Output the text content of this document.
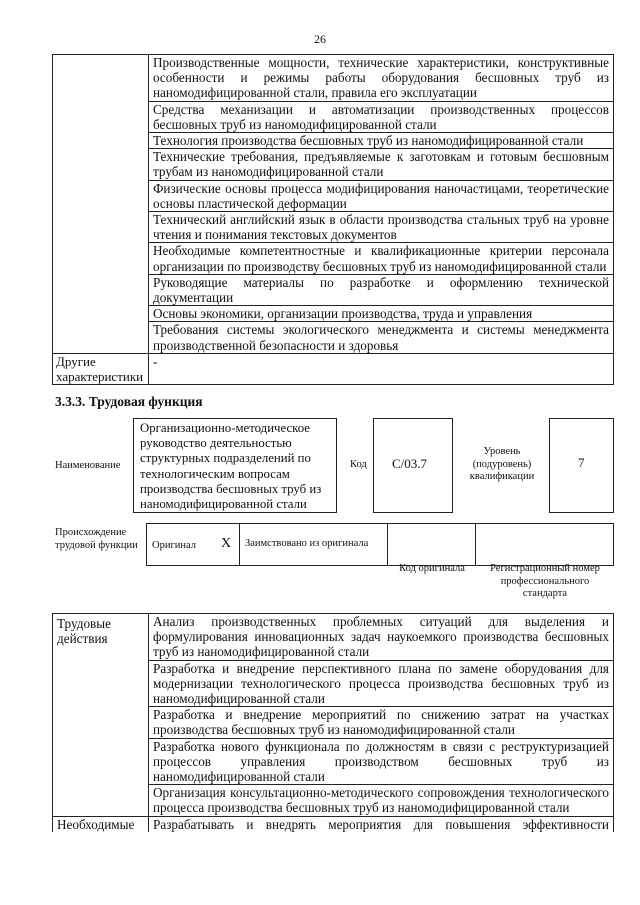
26
	Производственные мощности, технические характеристики, конструктивные особенности и режимы работы оборудования бесшовных труб из наномодифицированной стали, правила его эксплуатации
	Средства механизации и автоматизации производственных процессов бесшовных труб из наномодифицированной стали
	Технология производства бесшовных труб из наномодифицированной стали
	Технические требования, предъявляемые к заготовкам и готовым бесшовным трубам из наномодифицированной стали
	Физические основы процесса модифицирования наночастицами, теоретические основы пластической деформации
	Технический английский язык в области производства стальных труб на уровне чтения и понимания текстовых документов
	Необходимые компетентностные и квалификационные критерии персонала организации по производству бесшовных труб из наномодифицированной стали
	Руководящие материалы по разработке и оформлению технической документации
	Основы экономики, организации производства, труда и управления
	Требования системы экологического менеджмента и системы менеджмента производственной безопасности и здоровья
Другие характеристики	-
3.3.3. Трудовая функция
Наименование
Организационно-методическое руководство деятельностью структурных подразделений по технологическим вопросам производства бесшовных труб из наномодифицированной стали
Код	C/03.7
Уровень (подуровень) квалификации
7
Происхождение трудовой функции	Оригинал X Заимствовано из оригинала
Код оригинала	Регистрационный номер профессионального стандарта
Трудовые действия	Анализ производственных проблемных ситуаций для выделения и формулирования инновационных задач наукоемкого производства бесшовных труб из наномодифицированной стали
	Разработка и внедрение перспективного плана по замене оборудования для модернизации технологического процесса производства бесшовных труб из наномодифицированной стали
	Разработка и внедрение мероприятий по снижению затрат на участках производства бесшовных труб из наномодифицированной стали
	Разработка нового функционала по должностям в связи с реструктуризацией процессов управления производством бесшовных труб из наномодифицированной стали
	Организация консультационно-методического сопровождения технологического процесса производства бесшовных труб из наномодифицированной стали
Необходимые	Разрабатывать и внедрять мероприятия для повышения эффективности
